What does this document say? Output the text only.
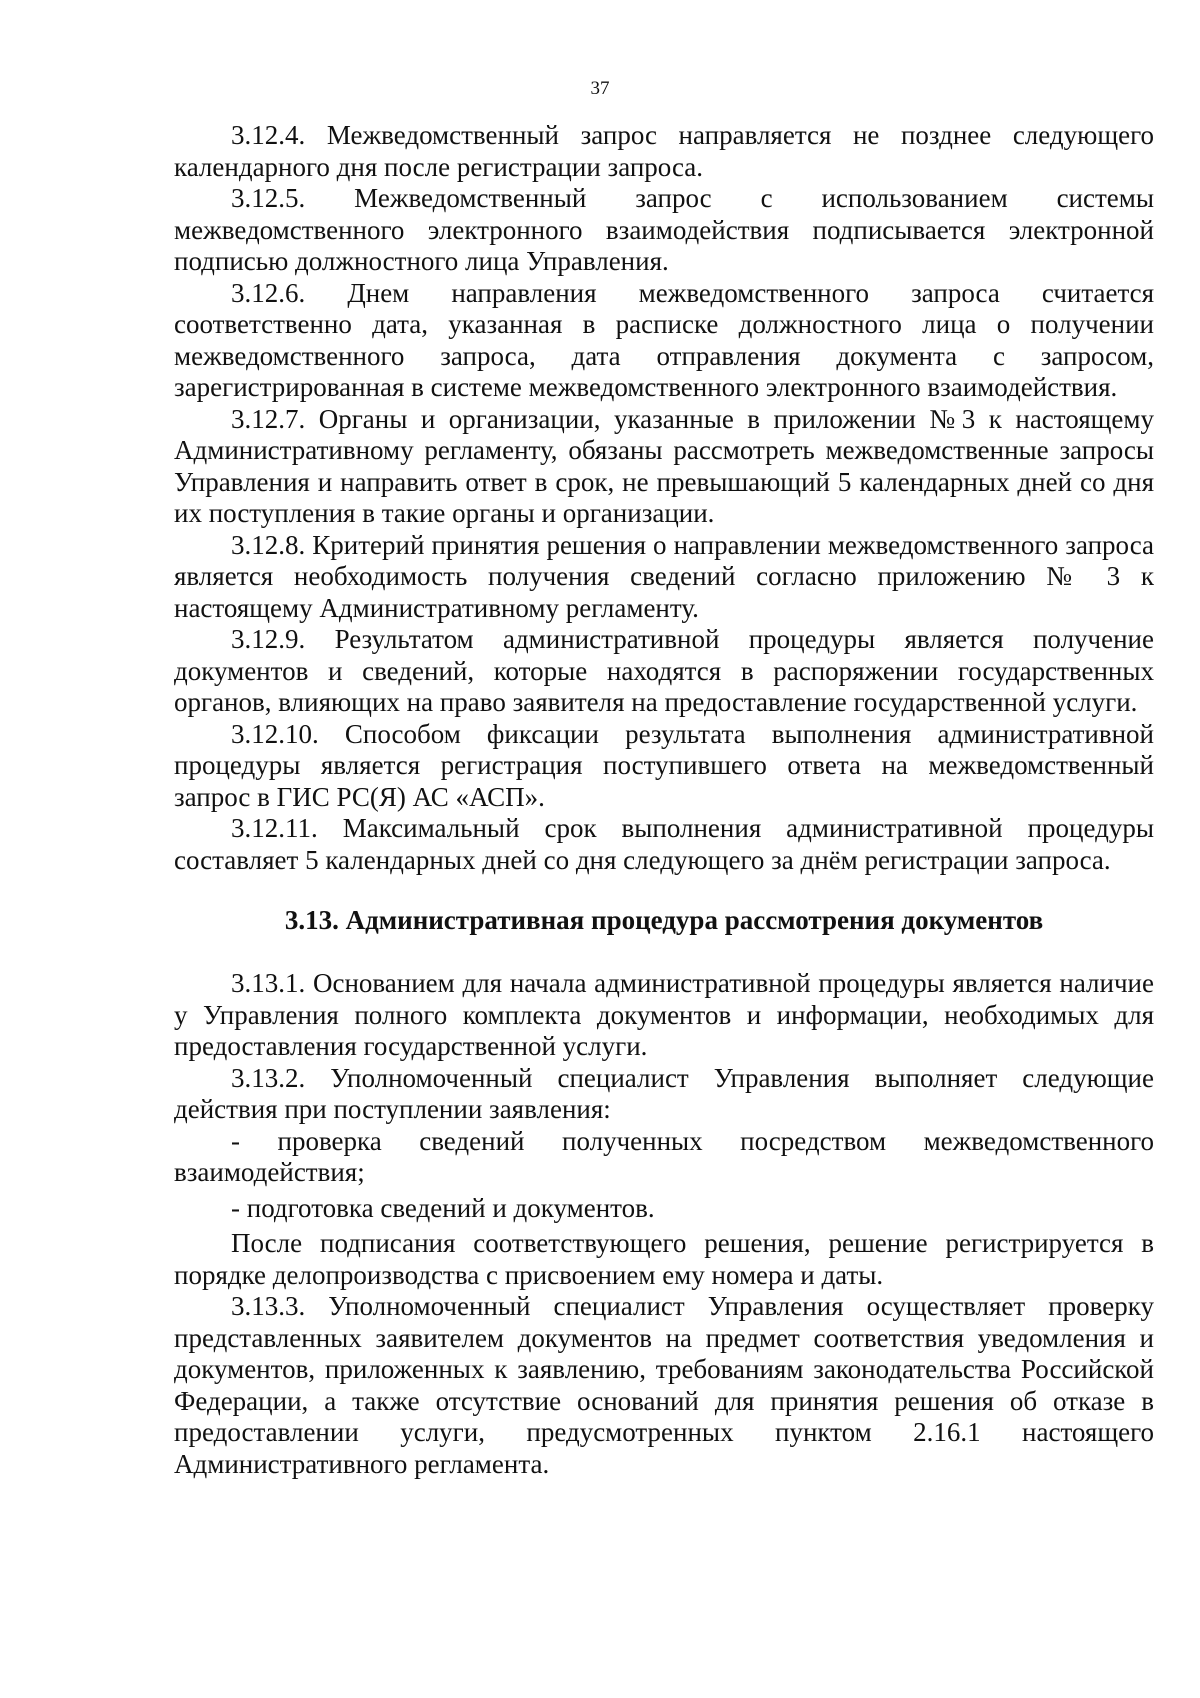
37

3.12.4. Межведомственный запрос направляется не позднее следующего календарного дня после регистрации запроса.

3.12.5. Межведомственный запрос с использованием системы межведомственного электронного взаимодействия подписывается электронной подписью должностного лица Управления.

3.12.6. Днем направления межведомственного запроса считается соответственно дата, указанная в расписке должностного лица о получении межведомственного запроса, дата отправления документа с запросом, зарегистрированная в системе межведомственного электронного взаимодействия.

3.12.7. Органы и организации, указанные в приложении №3 к настоящему Административному регламенту, обязаны рассмотреть межведомственные запросы Управления и направить ответ в срок, не превышающий 5 календарных дней со дня их поступления в такие органы и организации.

3.12.8. Критерий принятия решения о направлении межведомственного запроса является необходимость получения сведений согласно приложению № 3 к настоящему Административному регламенту.

3.12.9. Результатом административной процедуры является получение документов и сведений, которые находятся в распоряжении государственных органов, влияющих на право заявителя на предоставление государственной услуги.

3.12.10. Способом фиксации результата выполнения административной процедуры является регистрация поступившего ответа на межведомственный запрос в ГИС РС(Я) АС «АСП».

3.12.11. Максимальный срок выполнения административной процедуры составляет 5 календарных дней со дня следующего за днём регистрации запроса.

3.13. Административная процедура рассмотрения документов

3.13.1. Основанием для начала административной процедуры является наличие у Управления полного комплекта документов и информации, необходимых для предоставления государственной услуги.

3.13.2. Уполномоченный специалист Управления выполняет следующие действия при поступлении заявления:

- проверка сведений полученных посредством межведомственного взаимодействия;

- подготовка сведений и документов.

После подписания соответствующего решения, решение регистрируется в порядке делопроизводства с присвоением ему номера и даты.

3.13.3. Уполномоченный специалист Управления осуществляет проверку представленных заявителем документов на предмет соответствия уведомления и документов, приложенных к заявлению, требованиям законодательства Российской Федерации, а также отсутствие оснований для принятия решения об отказе в предоставлении услуги, предусмотренных пунктом 2.16.1 настоящего Административного регламента.
